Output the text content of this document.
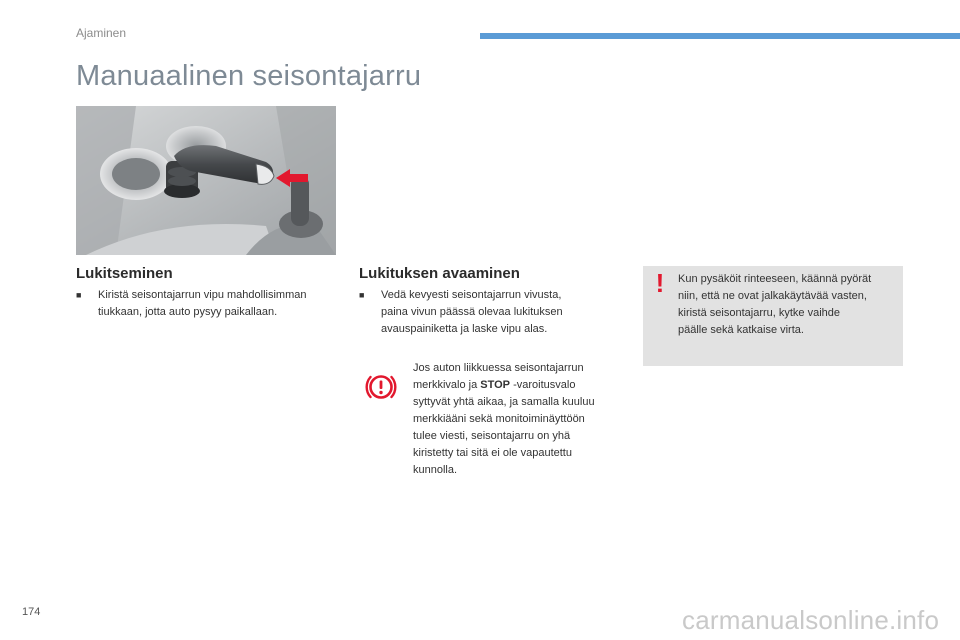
Ajaminen
Manuaalinen seisontajarru
Lukitseminen
■	Kiristä seisontajarrun vipu mahdollisimman
tiukkaan, jotta auto pysyy paikallaan.
Lukituksen avaaminen
■	Vedä kevyesti seisontajarrun vivusta,
paina vivun päässä olevaa lukituksen
avauspainiketta ja laske vipu alas.
Jos auton liikkuessa seisontajarrun
merkkivalo ja STOP -varoitusvalo
syttyvät yhtä aikaa, ja samalla kuuluu
merkkiääni sekä monitoiminäyttöön
tulee viesti, seisontajarru on yhä
kiristetty tai sitä ei ole vapautettu
kunnolla.
!	Kun pysäköit rinteeseen, käännä pyörät
niin, että ne ovat jalkakäytävää vasten,
kiristä seisontajarru, kytke vaihde
päälle sekä katkaise virta.
174	carmanualsonline.info
